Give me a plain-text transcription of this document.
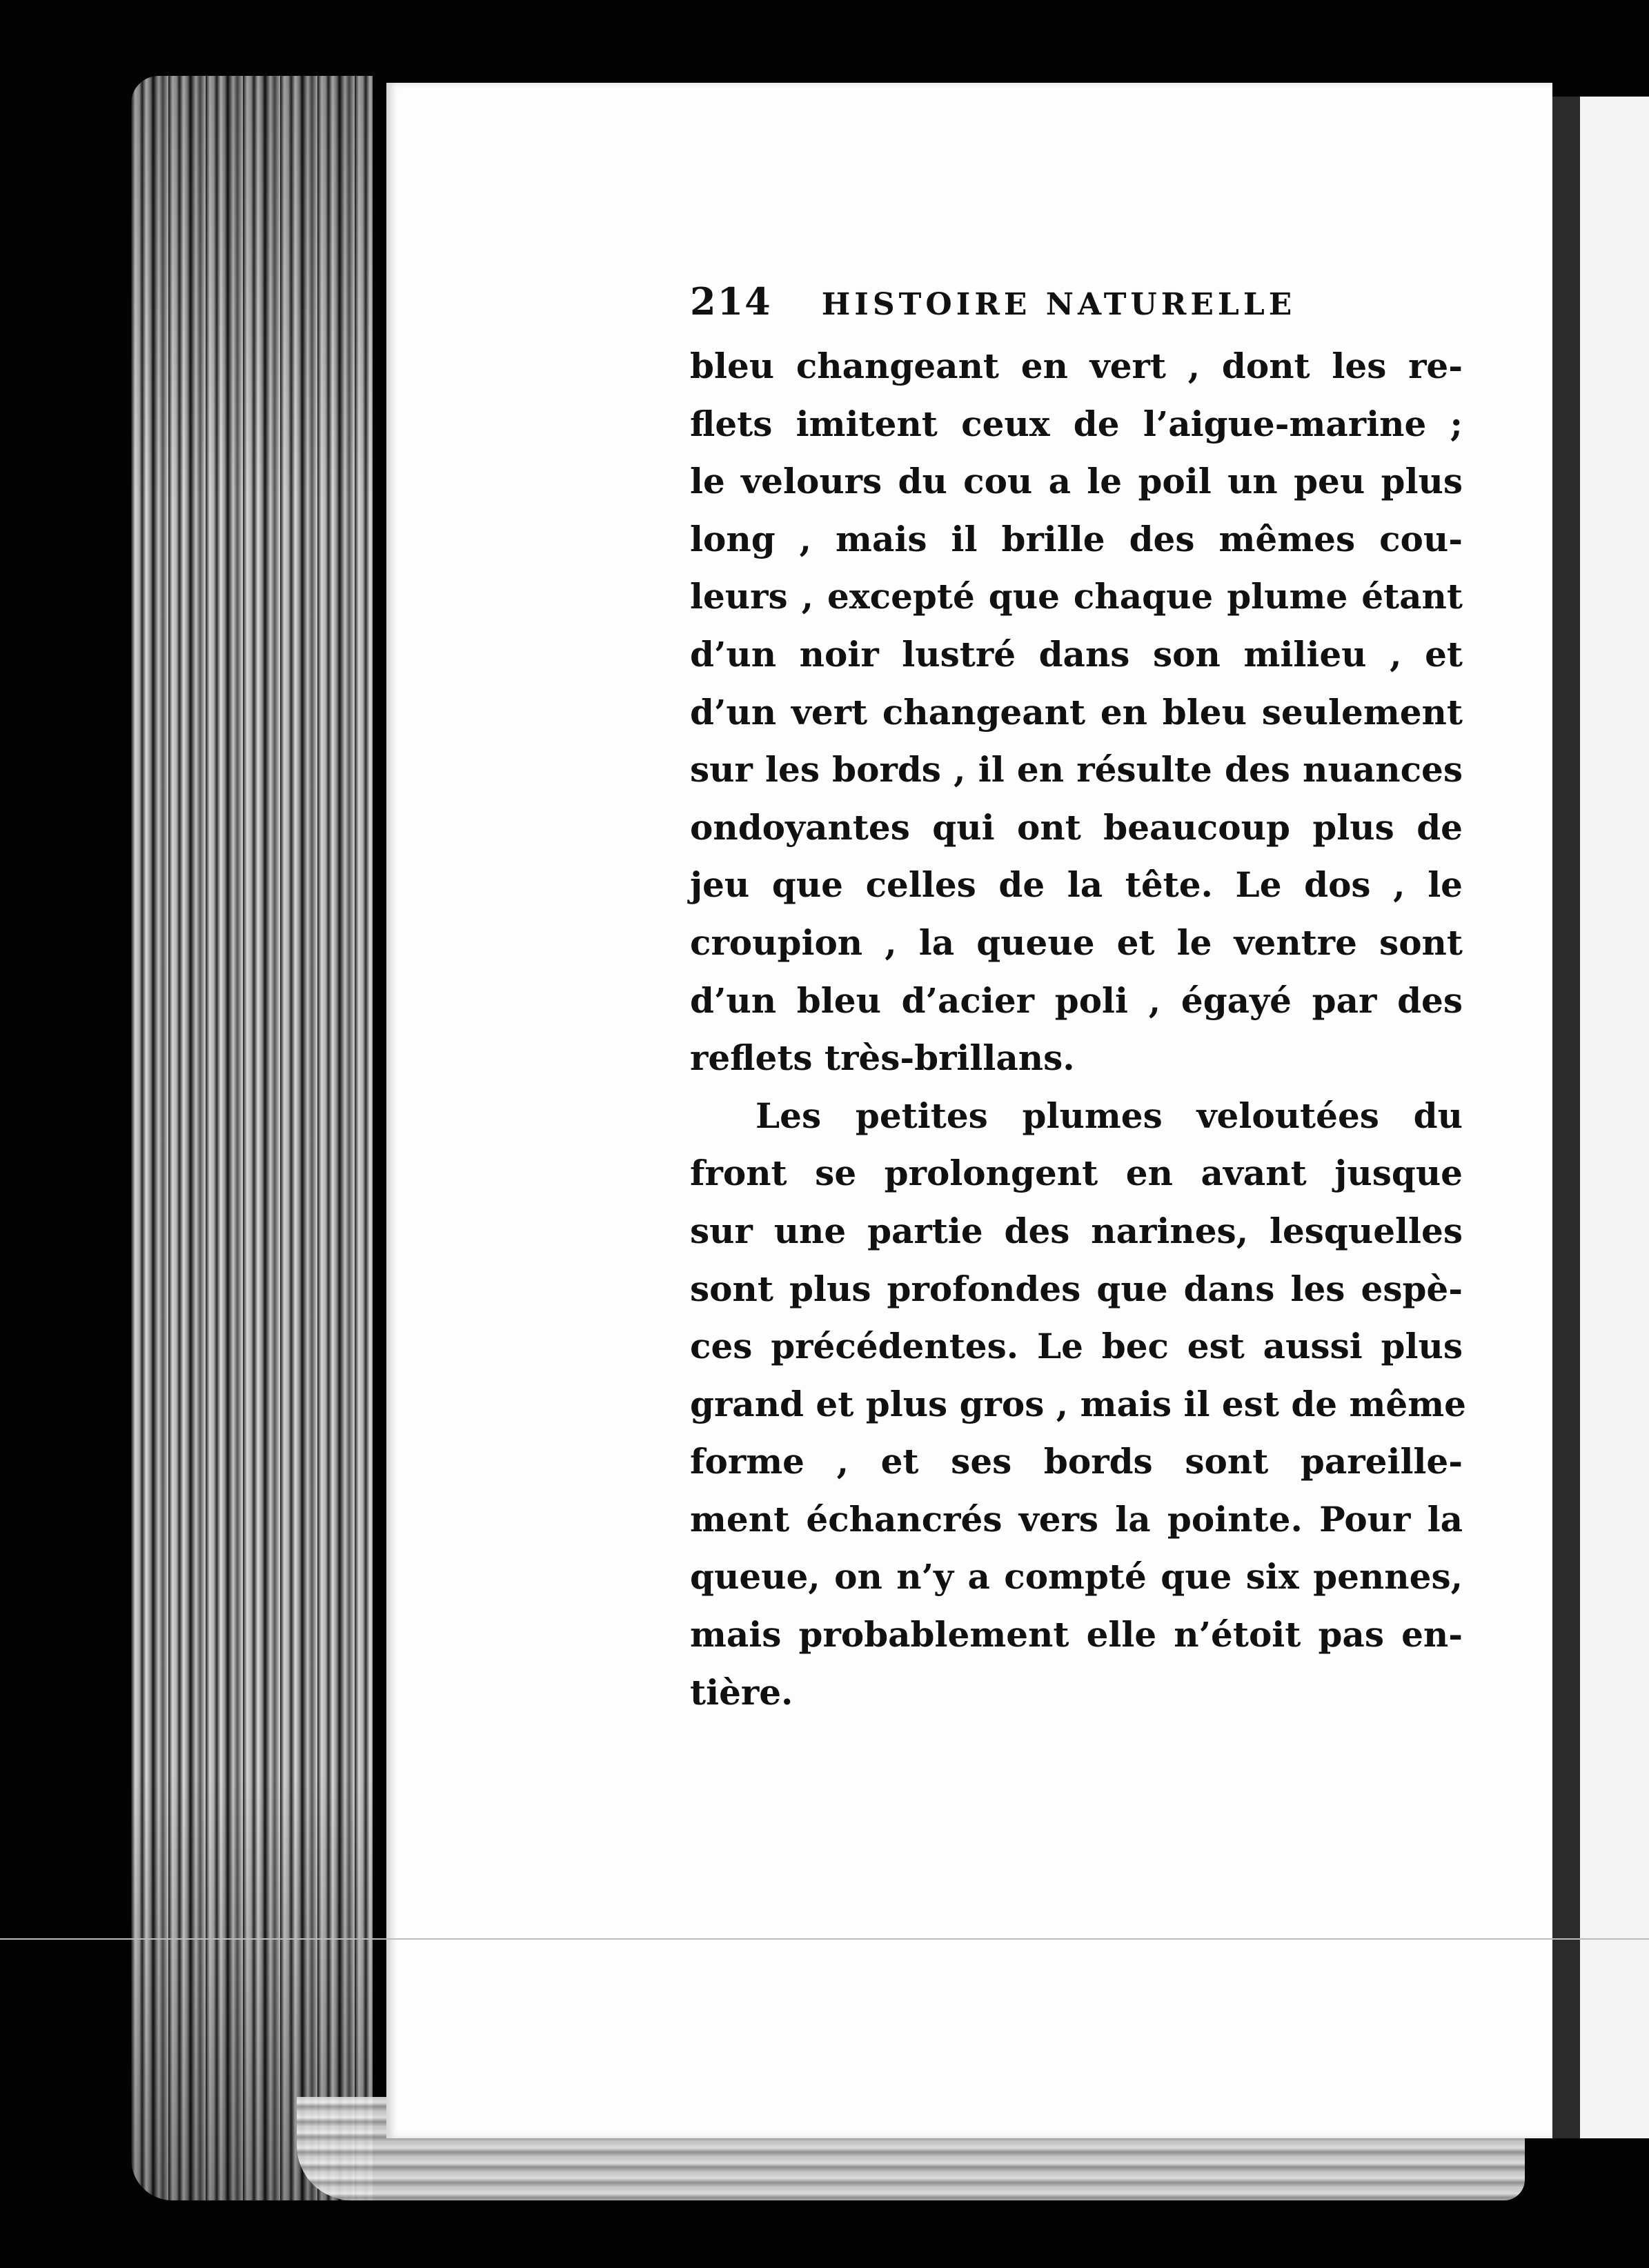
214 HISTOIRE NATURELLE
bleu changeant en vert , dont les re-
flets imitent ceux de l’aigue-marine ;
le velours du cou a le poil un peu plus
long , mais il brille des mêmes cou-
leurs , excepté que chaque plume étant
d’un noir lustré dans son milieu , et
d’un vert changeant en bleu seulement
sur les bords , il en résulte des nuances
ondoyantes qui ont beaucoup plus de
jeu que celles de la tête. Le dos , le
croupion , la queue et le ventre sont
d’un bleu d’acier poli , égayé par des
reflets très-brillans.
Les petites plumes veloutées du
front se prolongent en avant jusque
sur une partie des narines, lesquelles
sont plus profondes que dans les espè-
ces précédentes. Le bec est aussi plus
grand et plus gros , mais il est de même
forme , et ses bords sont pareille-
ment échancrés vers la pointe. Pour la
queue, on n’y a compté que six pennes,
mais probablement elle n’étoit pas en-
tière.
